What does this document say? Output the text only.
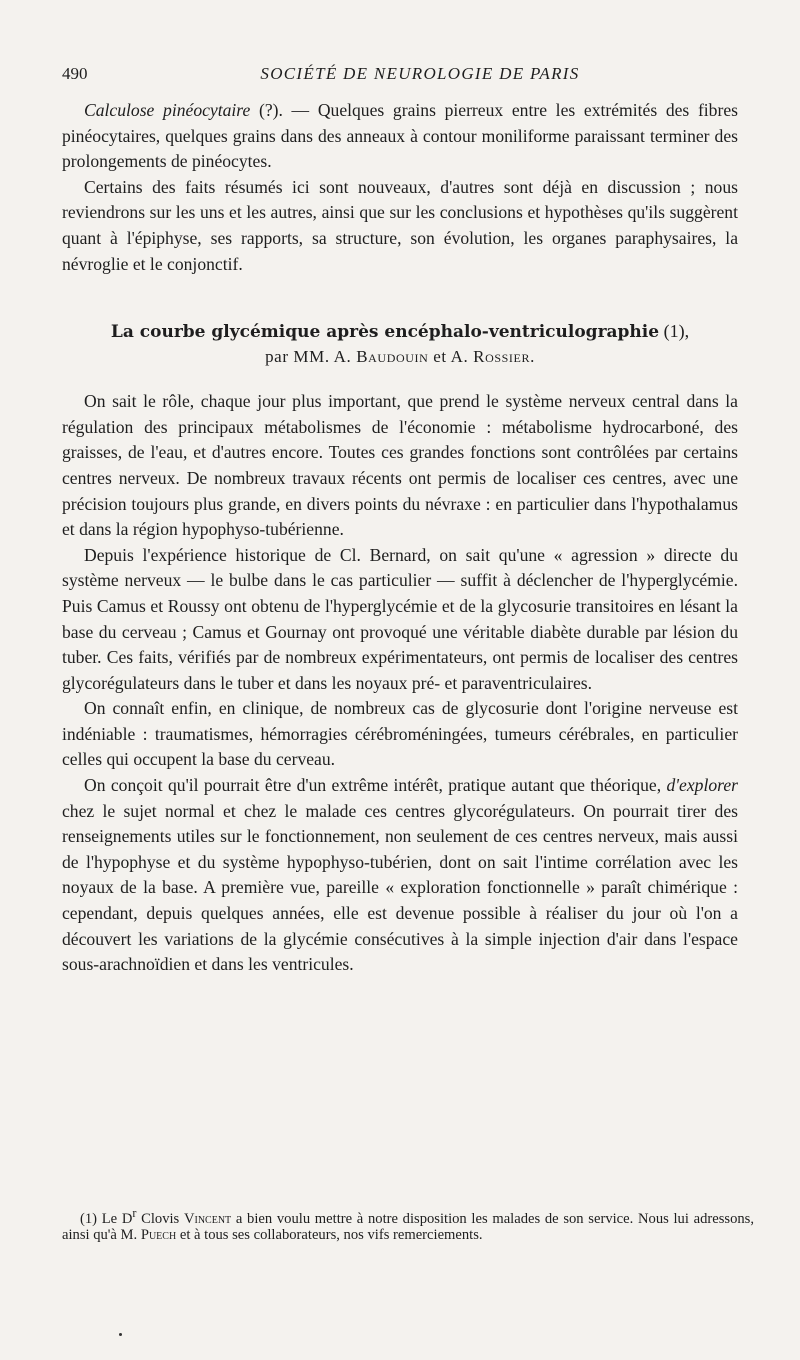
490	SOCIÉTÉ DE NEUROLOGIE DE PARIS

Calculose pinéocytaire (?). — Quelques grains pierreux entre les extrémités des fibres pinéocytaires, quelques grains dans des anneaux à contour moniliforme paraissant terminer des prolongements de pinéocytes.

Certains des faits résumés ici sont nouveaux, d'autres sont déjà en discussion ; nous reviendrons sur les uns et les autres, ainsi que sur les conclusions et hypothèses qu'ils suggèrent quant à l'épiphyse, ses rapports, sa structure, son évolution, les organes paraphysaires, la névroglie et le conjonctif.

La courbe glycémique après encéphalo-ventriculographie (1),
par MM. A. Baudouin et A. Rossier.

On sait le rôle, chaque jour plus important, que prend le système nerveux central dans la régulation des principaux métabolismes de l'économie : métabolisme hydrocarboné, des graisses, de l'eau, et d'autres encore. Toutes ces grandes fonctions sont contrôlées par certains centres nerveux. De nombreux travaux récents ont permis de localiser ces centres, avec une précision toujours plus grande, en divers points du névraxe : en particulier dans l'hypothalamus et dans la région hypophyso-tubérienne.

Depuis l'expérience historique de Cl. Bernard, on sait qu'une « agression » directe du système nerveux — le bulbe dans le cas particulier — suffit à déclencher de l'hyperglycémie. Puis Camus et Roussy ont obtenu de l'hyperglycémie et de la glycosurie transitoires en lésant la base du cerveau ; Camus et Gournay ont provoqué une véritable diabète durable par lésion du tuber. Ces faits, vérifiés par de nombreux expérimentateurs, ont permis de localiser des centres glycorégulateurs dans le tuber et dans les noyaux pré- et paraventriculaires.

On connaît enfin, en clinique, de nombreux cas de glycosurie dont l'origine nerveuse est indéniable : traumatismes, hémorragies cérébroméningées, tumeurs cérébrales, en particulier celles qui occupent la base du cerveau.

On conçoit qu'il pourrait être d'un extrême intérêt, pratique autant que théorique, d'explorer chez le sujet normal et chez le malade ces centres glycorégulateurs. On pourrait tirer des renseignements utiles sur le fonctionnement, non seulement de ces centres nerveux, mais aussi de l'hypophyse et du système hypophyso-tubérien, dont on sait l'intime corrélation avec les noyaux de la base. A première vue, pareille « exploration fonctionnelle » paraît chimérique : cependant, depuis quelques années, elle est devenue possible à réaliser du jour où l'on a découvert les variations de la glycémie consécutives à la simple injection d'air dans l'espace sous-arachnoïdien et dans les ventricules.

(1) Le $D^r$ Clovis Vincent a bien voulu mettre à notre disposition les malades de son service. Nous lui adressons, ainsi qu'à M. Puech et à tous ses collaborateurs, nos vifs remerciements.
